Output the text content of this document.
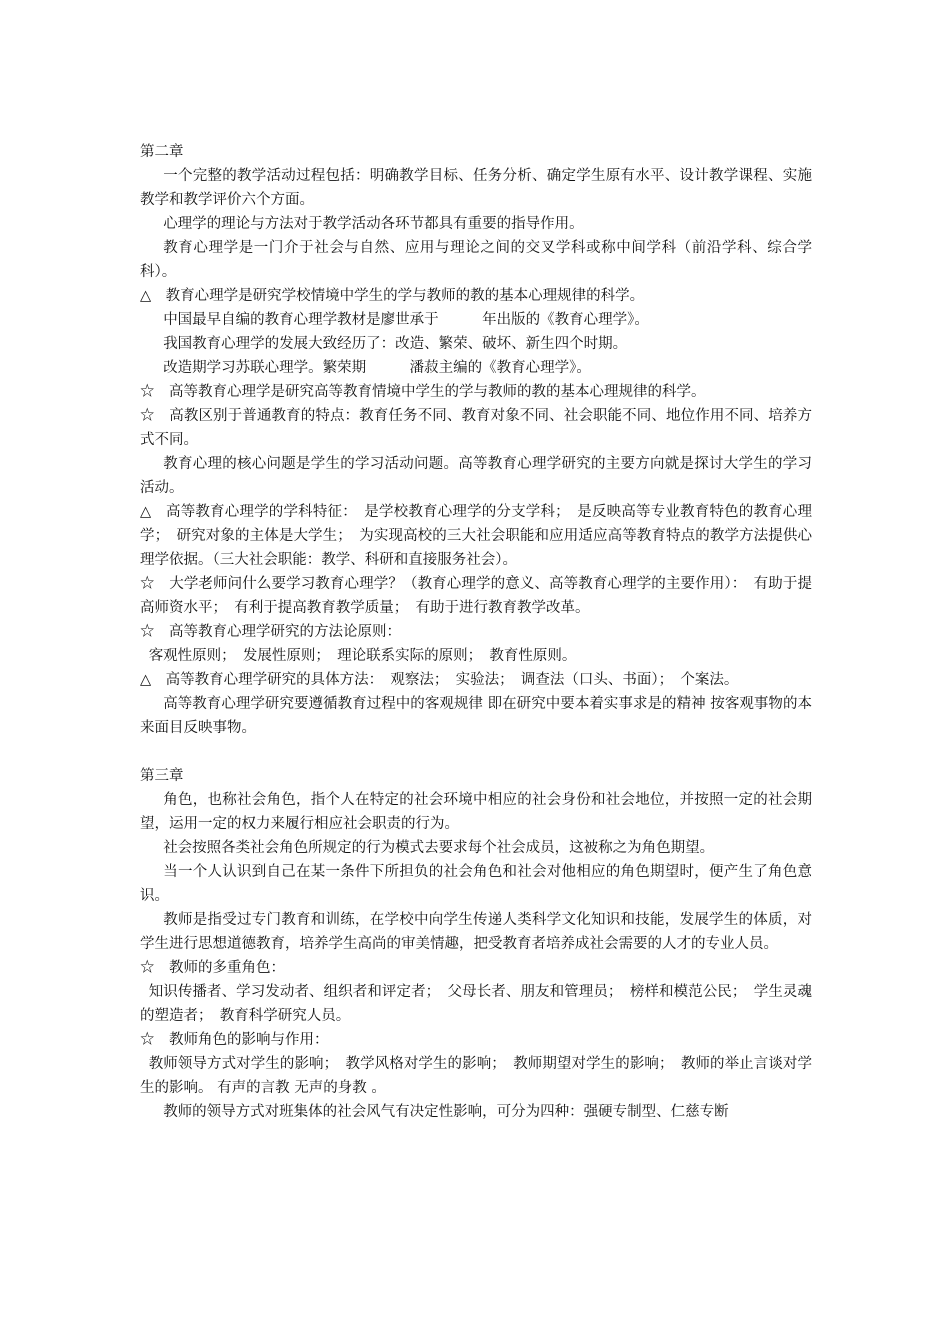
第二章

一个完整的教学活动过程包括：明确教学目标、任务分析、确定学生原有水平、设计教学课程、实施教学和教学评价六个方面。

心理学的理论与方法对于教学活动各环节都具有重要的指导作用。

教育心理学是一门介于社会与自然、应用与理论之间的交叉学科或称中间学科（前沿学科、综合学科）。

△　教育心理学是研究学校情境中学生的学与教师的教的基本心理规律的科学。

中国最早自编的教育心理学教材是廖世承于　　　年出版的《教育心理学》。

我国教育心理学的发展大致经历了：改造、繁荣、破坏、新生四个时期。

改造期学习苏联心理学。繁荣期　　　潘菽主编的《教育心理学》。

☆　高等教育心理学是研究高等教育情境中学生的学与教师的教的基本心理规律的科学。

☆　高教区别于普通教育的特点：教育任务不同、教育对象不同、社会职能不同、地位作用不同、培养方式不同。

教育心理的核心问题是学生的学习活动问题。高等教育心理学研究的主要方向就是探讨大学生的学习活动。

△　高等教育心理学的学科特征：　是学校教育心理学的分支学科；　是反映高等专业教育特色的教育心理学；　研究对象的主体是大学生；　为实现高校的三大社会职能和应用适应高等教育特点的教学方法提供心理学依据。（三大社会职能：教学、科研和直接服务社会）。

☆　大学老师问什么要学习教育心理学？（教育心理学的意义、高等教育心理学的主要作用）：　有助于提高师资水平；　有利于提高教育教学质量；　有助于进行教育教学改革。

☆　高等教育心理学研究的方法论原则：

客观性原则；　发展性原则；　理论联系实际的原则；　教育性原则。

△　高等教育心理学研究的具体方法：　观察法；　实验法；　调查法（口头、书面）；　个案法。

高等教育心理学研究要遵循教育过程中的客观规律 即在研究中要本着实事求是的精神 按客观事物的本来面目反映事物。

第三章

角色，也称社会角色，指个人在特定的社会环境中相应的社会身份和社会地位，并按照一定的社会期望，运用一定的权力来履行相应社会职责的行为。

社会按照各类社会角色所规定的行为模式去要求每个社会成员，这被称之为角色期望。

当一个人认识到自己在某一条件下所担负的社会角色和社会对他相应的角色期望时，便产生了角色意识。

教师是指受过专门教育和训练，在学校中向学生传递人类科学文化知识和技能，发展学生的体质，对学生进行思想道德教育，培养学生高尚的审美情趣，把受教育者培养成社会需要的人才的专业人员。

☆　教师的多重角色：

知识传播者、学习发动者、组织者和评定者；　父母长者、朋友和管理员；　榜样和模范公民；　学生灵魂的塑造者；　教育科学研究人员。

☆　教师角色的影响与作用：

教师领导方式对学生的影响；　教学风格对学生的影响；　教师期望对学生的影响；　教师的举止言谈对学生的影响。 有声的言教 无声的身教 。

教师的领导方式对班集体的社会风气有决定性影响，可分为四种：强硬专制型、仁慈专断
